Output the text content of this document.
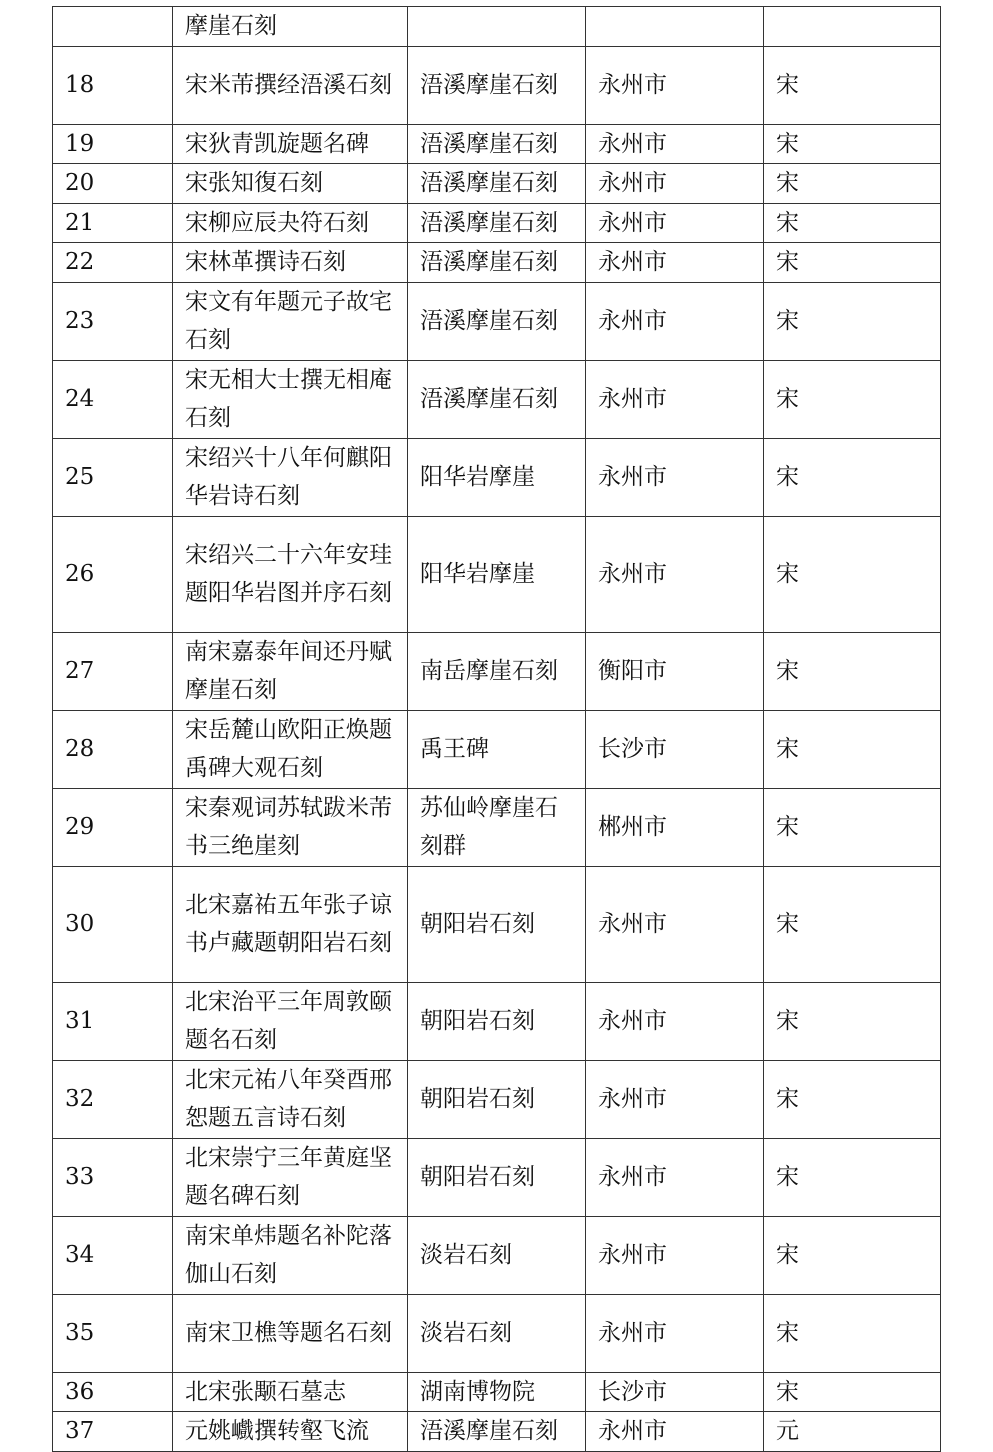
	摩崖石刻			
18	宋米芾撰经浯溪石刻	浯溪摩崖石刻	永州市	宋
19	宋狄青凯旋题名碑	浯溪摩崖石刻	永州市	宋
20	宋张知復石刻	浯溪摩崖石刻	永州市	宋
21	宋柳应辰夬符石刻	浯溪摩崖石刻	永州市	宋
22	宋林革撰诗石刻	浯溪摩崖石刻	永州市	宋
23	宋文有年题元子故宅石刻	浯溪摩崖石刻	永州市	宋
24	宋无相大士撰无相庵石刻	浯溪摩崖石刻	永州市	宋
25	宋绍兴十八年何麒阳华岩诗石刻	阳华岩摩崖	永州市	宋
26	宋绍兴二十六年安珪题阳华岩图并序石刻	阳华岩摩崖	永州市	宋
27	南宋嘉泰年间还丹赋摩崖石刻	南岳摩崖石刻	衡阳市	宋
28	宋岳麓山欧阳正焕题禹碑大观石刻	禹王碑	长沙市	宋
29	宋秦观词苏轼跋米芾书三绝崖刻	苏仙岭摩崖石刻群	郴州市	宋
30	北宋嘉祐五年张子谅书卢藏题朝阳岩石刻	朝阳岩石刻	永州市	宋
31	北宋治平三年周敦颐题名石刻	朝阳岩石刻	永州市	宋
32	北宋元祐八年癸酉邢恕题五言诗石刻	朝阳岩石刻	永州市	宋
33	北宋崇宁三年黄庭坚题名碑石刻	朝阳岩石刻	永州市	宋
34	南宋单炜题名补陀落伽山石刻	淡岩石刻	永州市	宋
35	南宋卫樵等题名石刻	淡岩石刻	永州市	宋
36	北宋张颙石墓志	湖南博物院	长沙市	宋
37	元姚巇撰转壑飞流	浯溪摩崖石刻	永州市	元
